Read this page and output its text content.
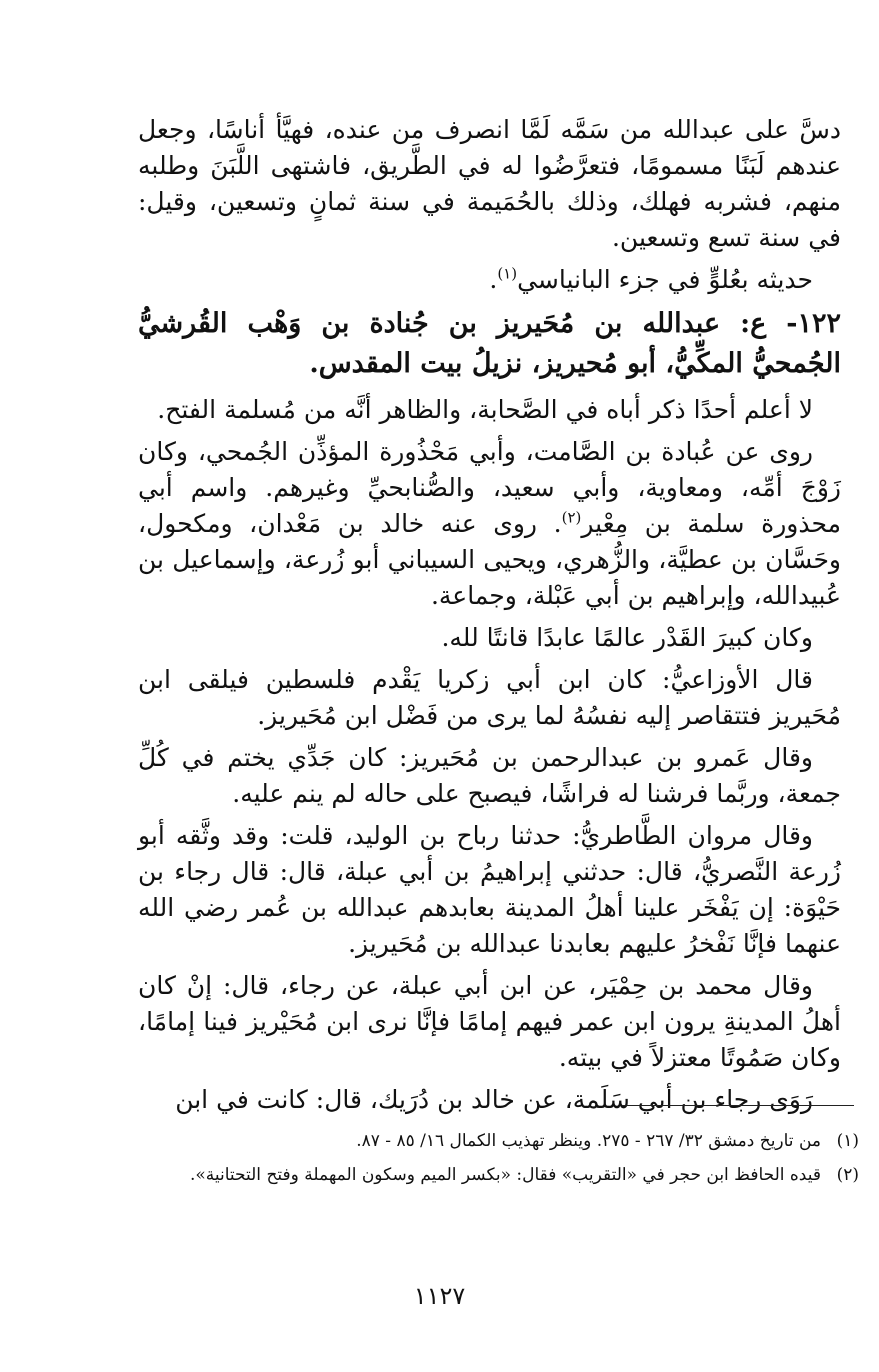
دسَّ على عبدالله من سَمَّه لَمَّا انصرف من عنده، فهيَّأ أناسًا، وجعل عندهم لَبَنًا مسمومًا، فتعرَّضُوا له في الطَّريق، فاشتهى اللَّبَنَ وطلبه منهم، فشربه فهلك، وذلك بالحُمَيمة في سنة ثمانٍ وتسعين، وقيل: في سنة تسع وتسعين.

حديثه بعُلوٍّ في جزء البانياسي$^{(١)}$.

١٢٢- ع: عبدالله بن مُحَيريز بن جُنادة بن وَهْب القُرشيُّ الجُمحيُّ المكِّيُّ، أبو مُحيريز، نزيلُ بيت المقدس.

لا أعلم أحدًا ذكر أباه في الصَّحابة، والظاهر أنَّه من مُسلمة الفتح.

روى عن عُبادة بن الصَّامت، وأبي مَحْذُورة المؤذِّن الجُمحي، وكان زَوْجَ أمِّه، ومعاوية، وأبي سعيد، والصُّنابحيِّ وغيرهم. واسم أبي محذورة سلمة بن مِعْير$^{(٢)}$. روى عنه خالد بن مَعْدان، ومكحول، وحَسَّان بن عطيَّة، والزُّهري، ويحيى السيباني أبو زُرعة، وإسماعيل بن عُبيدالله، وإبراهيم بن أبي عَبْلة، وجماعة.

وكان كبيرَ القَدْر عالمًا عابدًا قانتًا لله.

قال الأوزاعيُّ: كان ابن أبي زكريا يَقْدم فلسطين فيلقى ابن مُحَيريز فتتقاصر إليه نفسُهُ لما يرى من فَضْل ابن مُحَيريز.

وقال عَمرو بن عبدالرحمن بن مُحَيريز: كان جَدِّي يختم في كُلِّ جمعة، وربَّما فرشنا له فراشًا، فيصبح على حاله لم ينم عليه.

وقال مروان الطَّاطريُّ: حدثنا رباح بن الوليد، قلت: وقد وثَّقه أبو زُرعة النَّصريُّ، قال: حدثني إبراهيمُ بن أبي عبلة، قال: قال رجاء بن حَيْوَة: إن يَفْخَر علينا أهلُ المدينة بعابدهم عبدالله بن عُمر رضي الله عنهما فإنَّا نَفْخرُ عليهم بعابدنا عبدالله بن مُحَيريز.

وقال محمد بن حِمْيَر، عن ابن أبي عبلة، عن رجاء، قال: إنْ كان أهلُ المدينةِ يرون ابن عمر فيهم إمامًا فإنَّا نرى ابن مُحَيْريز فينا إمامًا، وكان صَمُوتًا معتزلاً في بيته.

رَوَى رجاء بن أبي سَلَمة، عن خالد بن دُرَيك، قال: كانت في ابن

(١)
من تاريخ دمشق ٣٢/ ٢٦٧ - ٢٧٥. وينظر تهذيب الكمال ١٦/ ٨٥ - ٨٧.
(٢)
قيده الحافظ ابن حجر في «التقريب» فقال: «بكسر الميم وسكون المهملة وفتح التحتانية».
١١٢٧
